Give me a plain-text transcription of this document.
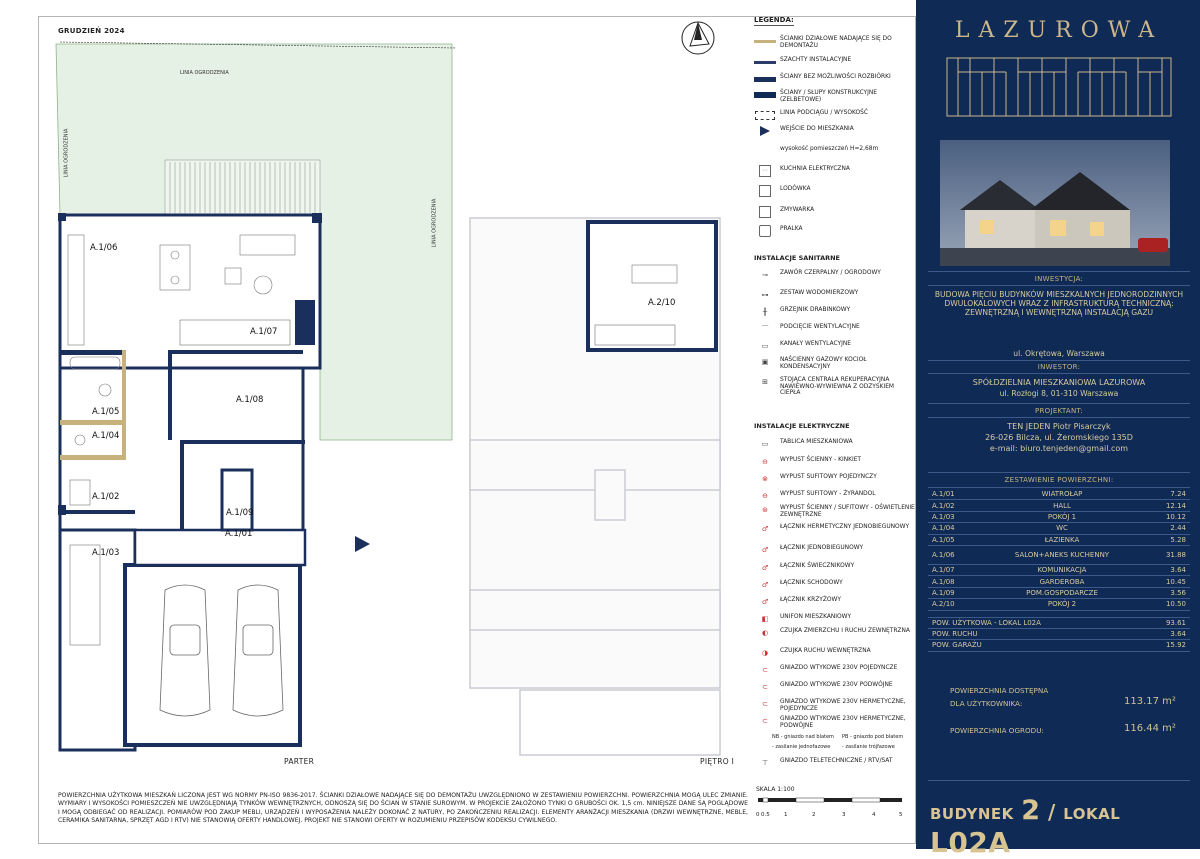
GRUDZIEŃ 2024
A.1/06
A.1/07
A.1/08
A.1/05
A.1/04
A.1/02
A.1/03
A.1/09
A.1/01
A.2/10
LINIA OGRODZENIA
LINIA OGRODZENIA
LINIA OGRODZENIA
PARTER	PIĘTRO I
POWIERZCHNIA UŻYTKOWA MIESZKAŃ LICZONA JEST WG NORMY PN-ISO 9836-2017. ŚCIANKI DZIAŁOWE NADAJĄCE SIĘ DO DEMONTAŻU UWZGLĘDNIONO W ZESTAWIENIU POWIERZCHNI. POWIERZCHNIA MOGĄ ULEC ZMIANIE. WYMIARY I WYSOKOŚCI POMIESZCZEŃ NIE UWZGLĘDNIAJĄ TYNKÓW WEWNĘTRZNYCH, ODNOSZĄ SIĘ DO ŚCIAN W STANIE SUROWYM. W PROJEKCIE ZAŁOŻONO TYNKI O GRUBOŚCI OK. 1,5 cm. NINIEJSZE DANE SĄ POGLĄDOWE I MOGĄ ODBIEGAĆ OD REALIZACJI. POMIARÓW POD ZAKUP MEBLI, URZĄDZEŃ I WYPOSAŻENIA NALEŻY DOKONAĆ Z NATURY, PO ZAKOŃCZENIU REALIZACJI. ELEMENTY ARANŻACJI MIESZKANIA (DRZWI WEWNĘTRZNE, MEBLE, CERAMIKA SANITARNA, SPRZĘT AGD I RTV) NIE STANOWIĄ OFERTY HANDLOWEJ. PROJEKT NIE STANOWI OFERTY W ROZUMIENIU PRZEPISÓW KODEKSU CYWILNEGO.
SKALA 1:100
0 0.5	1	2	3	4	5
LEGENDA:
ŚCIANKI DZIAŁOWE NADAJĄCE SIĘ DO DEMONTAŻU
SZACHTY INSTALACYJNE
ŚCIANY BEZ MOŻLIWOŚCI ROZBIÓRKI
ŚCIANY / SŁUPY KONSTRUKCYJNE (ZELBETOWE)
LINIA PODCIĄGU / WYSOKOŚĆ
WEJŚCIE DO MIESZKANIA
wysokość pomieszczeń H=2,68m
◦◦	KUCHNIA ELEKTRYCZNA
LODÓWKA
ZMYWARKA
PRALKA
INSTALACJE SANITARNE
⊸	ZAWÓR CZERPALNY / OGRODOWY
⊶	ZESTAW WODOMIERZOWY
╫	GRZEJNIK DRABINKOWY
⌒	PODCIĘCIE WENTYLACYJNE
▭	KANAŁY WENTYLACYJNE
▣	NAŚCIENNY GAZOWY KOCIOŁ KONDENSACYJNY
⊞	STOJĄCA CENTRALA REKUPERACYJNA NAWIEWNO-WYWIEWNA Z ODZYSKIEM CIEPŁA
INSTALACJE ELEKTRYCZNE
▭	TABLICA MIESZKANIOWA
⊖	WYPUST ŚCIENNY - KINKIET
⊗	WYPUST SUFITOWY POJEDYNCZY
⊖	WYPUST SUFITOWY - ŻYRANDOL
⊛	WYPUST ŚCIENNY / SUFITOWY - OŚWIETLENIE ZEWNĘTRZNE
♂	ŁĄCZNIK HERMETYCZNY JEDNOBIEGUNOWY
♂	ŁĄCZNIK JEDNOBIEGUNOWY
♂	ŁĄCZNIK ŚWIECZNIKOWY
♂	ŁĄCZNIK SCHODOWY
♂	ŁĄCZNIK KRZYŻOWY
◧	UNIFON MIESZKANIOWY
◐	CZUJKA ZMIERZCHU I RUCHU ZEWNĘTRZNA
◑	CZUJKA RUCHU WEWNĘTRZNA
⊂	GNIAZDO WTYKOWE 230V POJEDYNCZE
⊂	GNIAZDO WTYKOWE 230V PODWÓJNE
⊂	GNIAZDO WTYKOWE 230V HERMETYCZNE, POJEDYNCZE
⊂	GNIAZDO WTYKOWE 230V HERMETYCZNE, PODWÓJNE
NB - gniazdo nad blatem PB - gniazdo pod blatem
- zasilanie jednofazowe - zasilanie trójfazowe
⊤	GNIAZDO TELETECHNICZNE / RTV/SAT
LAZUROWA
INWESTYCJA:
BUDOWA PIĘCIU BUDYNKÓW MIESZKALNYCH JEDNORODZINNYCH DWULOKALOWYCH WRAZ Z INFRASTRUKTURĄ TECHNICZNĄ: ZEWNĘTRZNĄ I WEWNĘTRZNĄ INSTALACJĄ GAZU
ul. Okrętowa, Warszawa
INWESTOR:
SPÓŁDZIELNIA MIESZKANIOWA LAZUROWA
ul. Rozłogi 8, 01-310 Warszawa
PROJEKTANT:
TEN JEDEN Piotr Pisarczyk
26-026 Bilcza, ul. Żeromskiego 135D
e-mail: biuro.tenjeden@gmail.com
ZESTAWIENIE POWIERZCHNI:
A.1/01	WIATROŁAP	7.24
A.1/02	HALL	12.14
A.1/03	POKÓJ 1	10.12
A.1/04	WC	2.44
A.1/05	ŁAZIENKA	5.28
A.1/06	SALON+ANEKS KUCHENNY	31.88
A.1/07	KOMUNIKACJA	3.64
A.1/08	GARDEROBA	10.45
A.1/09	POM.GOSPODARCZE	3.56
A.2/10	POKÓJ 2	10.50

POW. UŻYTKOWA - LOKAL L02A		93.61
POW. RUCHU		3.64
POW. GARAŻU		15.92
POWIERZCHNIA DOSTĘPNA
DLA UŻYTKOWNIKA:	113.17 m²
POWIERZCHNIA OGRODU:	116.44 m²
BUDYNEK 2 / LOKAL L02A
